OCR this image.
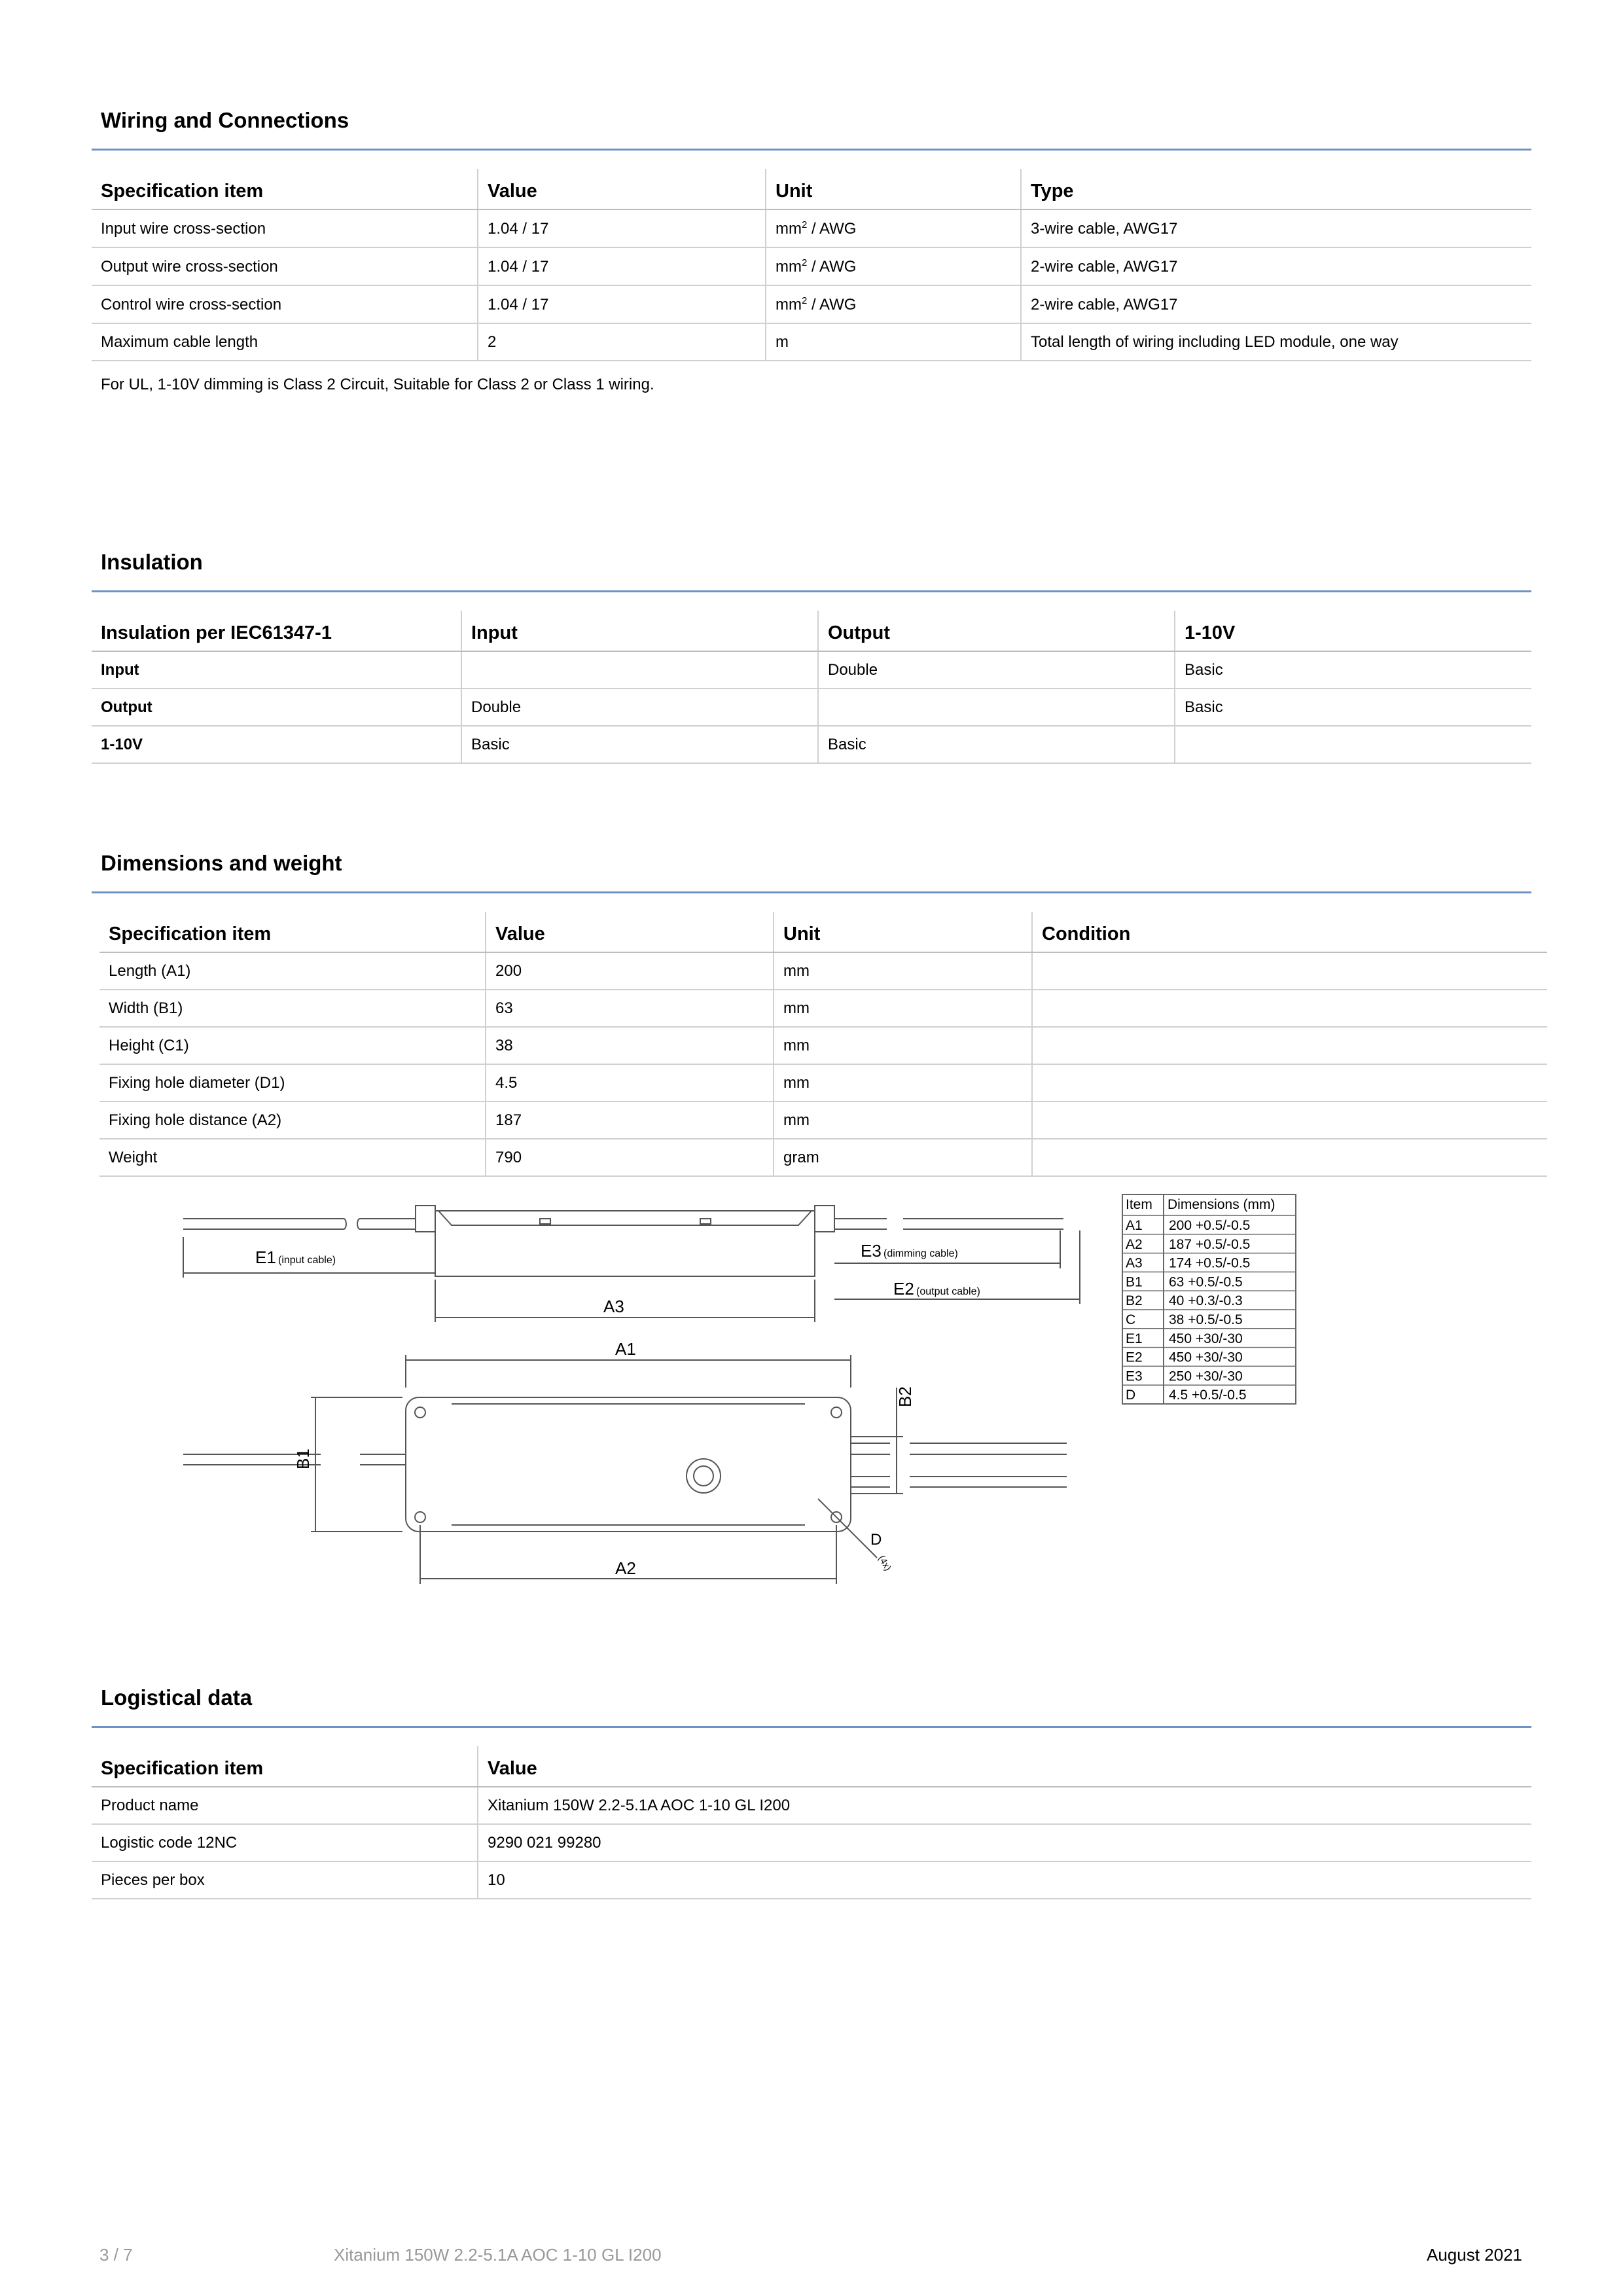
Wiring and Connections
Specification item	Value	Unit	Type
Input wire cross-section	1.04 / 17	$mm^2$ / AWG	3-wire cable, AWG17
Output wire cross-section	1.04 / 17	$mm^2$ / AWG	2-wire cable, AWG17
Control wire cross-section	1.04 / 17	$mm^2$ / AWG	2-wire cable, AWG17
Maximum cable length	2	m	Total length of wiring including LED module, one way

For UL, 1-10V dimming is Class 2 Circuit, Suitable for Class 2 or Class 1 wiring.

Insulation
Insulation per IEC61347-1	Input	Output	1-10V
Input		Double	Basic
Output	Double		Basic
1-10V	Basic	Basic	
Dimensions and weight
Specification item	Value	Unit	Condition
Length (A1)	200	mm	
Width (B1)	63	mm	
Height (C1)	38	mm	
Fixing hole diameter (D1)	4.5	mm	
Fixing hole distance (A2)	187	mm	
Weight	790	gram	
E1 (input cable)	E3 (dimming cable)
A3
E2 (output cable)
A1
B1
B2
A2
D
(4x)
Item Dimensions (mm)
A1 200 +0.5/-0.5
A2 187 +0.5/-0.5
A3 174 +0.5/-0.5
B1 63 +0.5/-0.5
B2 40 +0.3/-0.3
C 38 +0.5/-0.5
E1 450 +30/-30
E2 450 +30/-30
E3 250 +30/-30
D 4.5 +0.5/-0.5
Logistical data
Specification item	Value
Product name	Xitanium 150W 2.2-5.1A AOC 1-10 GL I200
Logistic code 12NC	9290 021 99280
Pieces per box	10
3 / 7	Xitanium 150W 2.2-5.1A AOC 1-10 GL I200	August 2021
